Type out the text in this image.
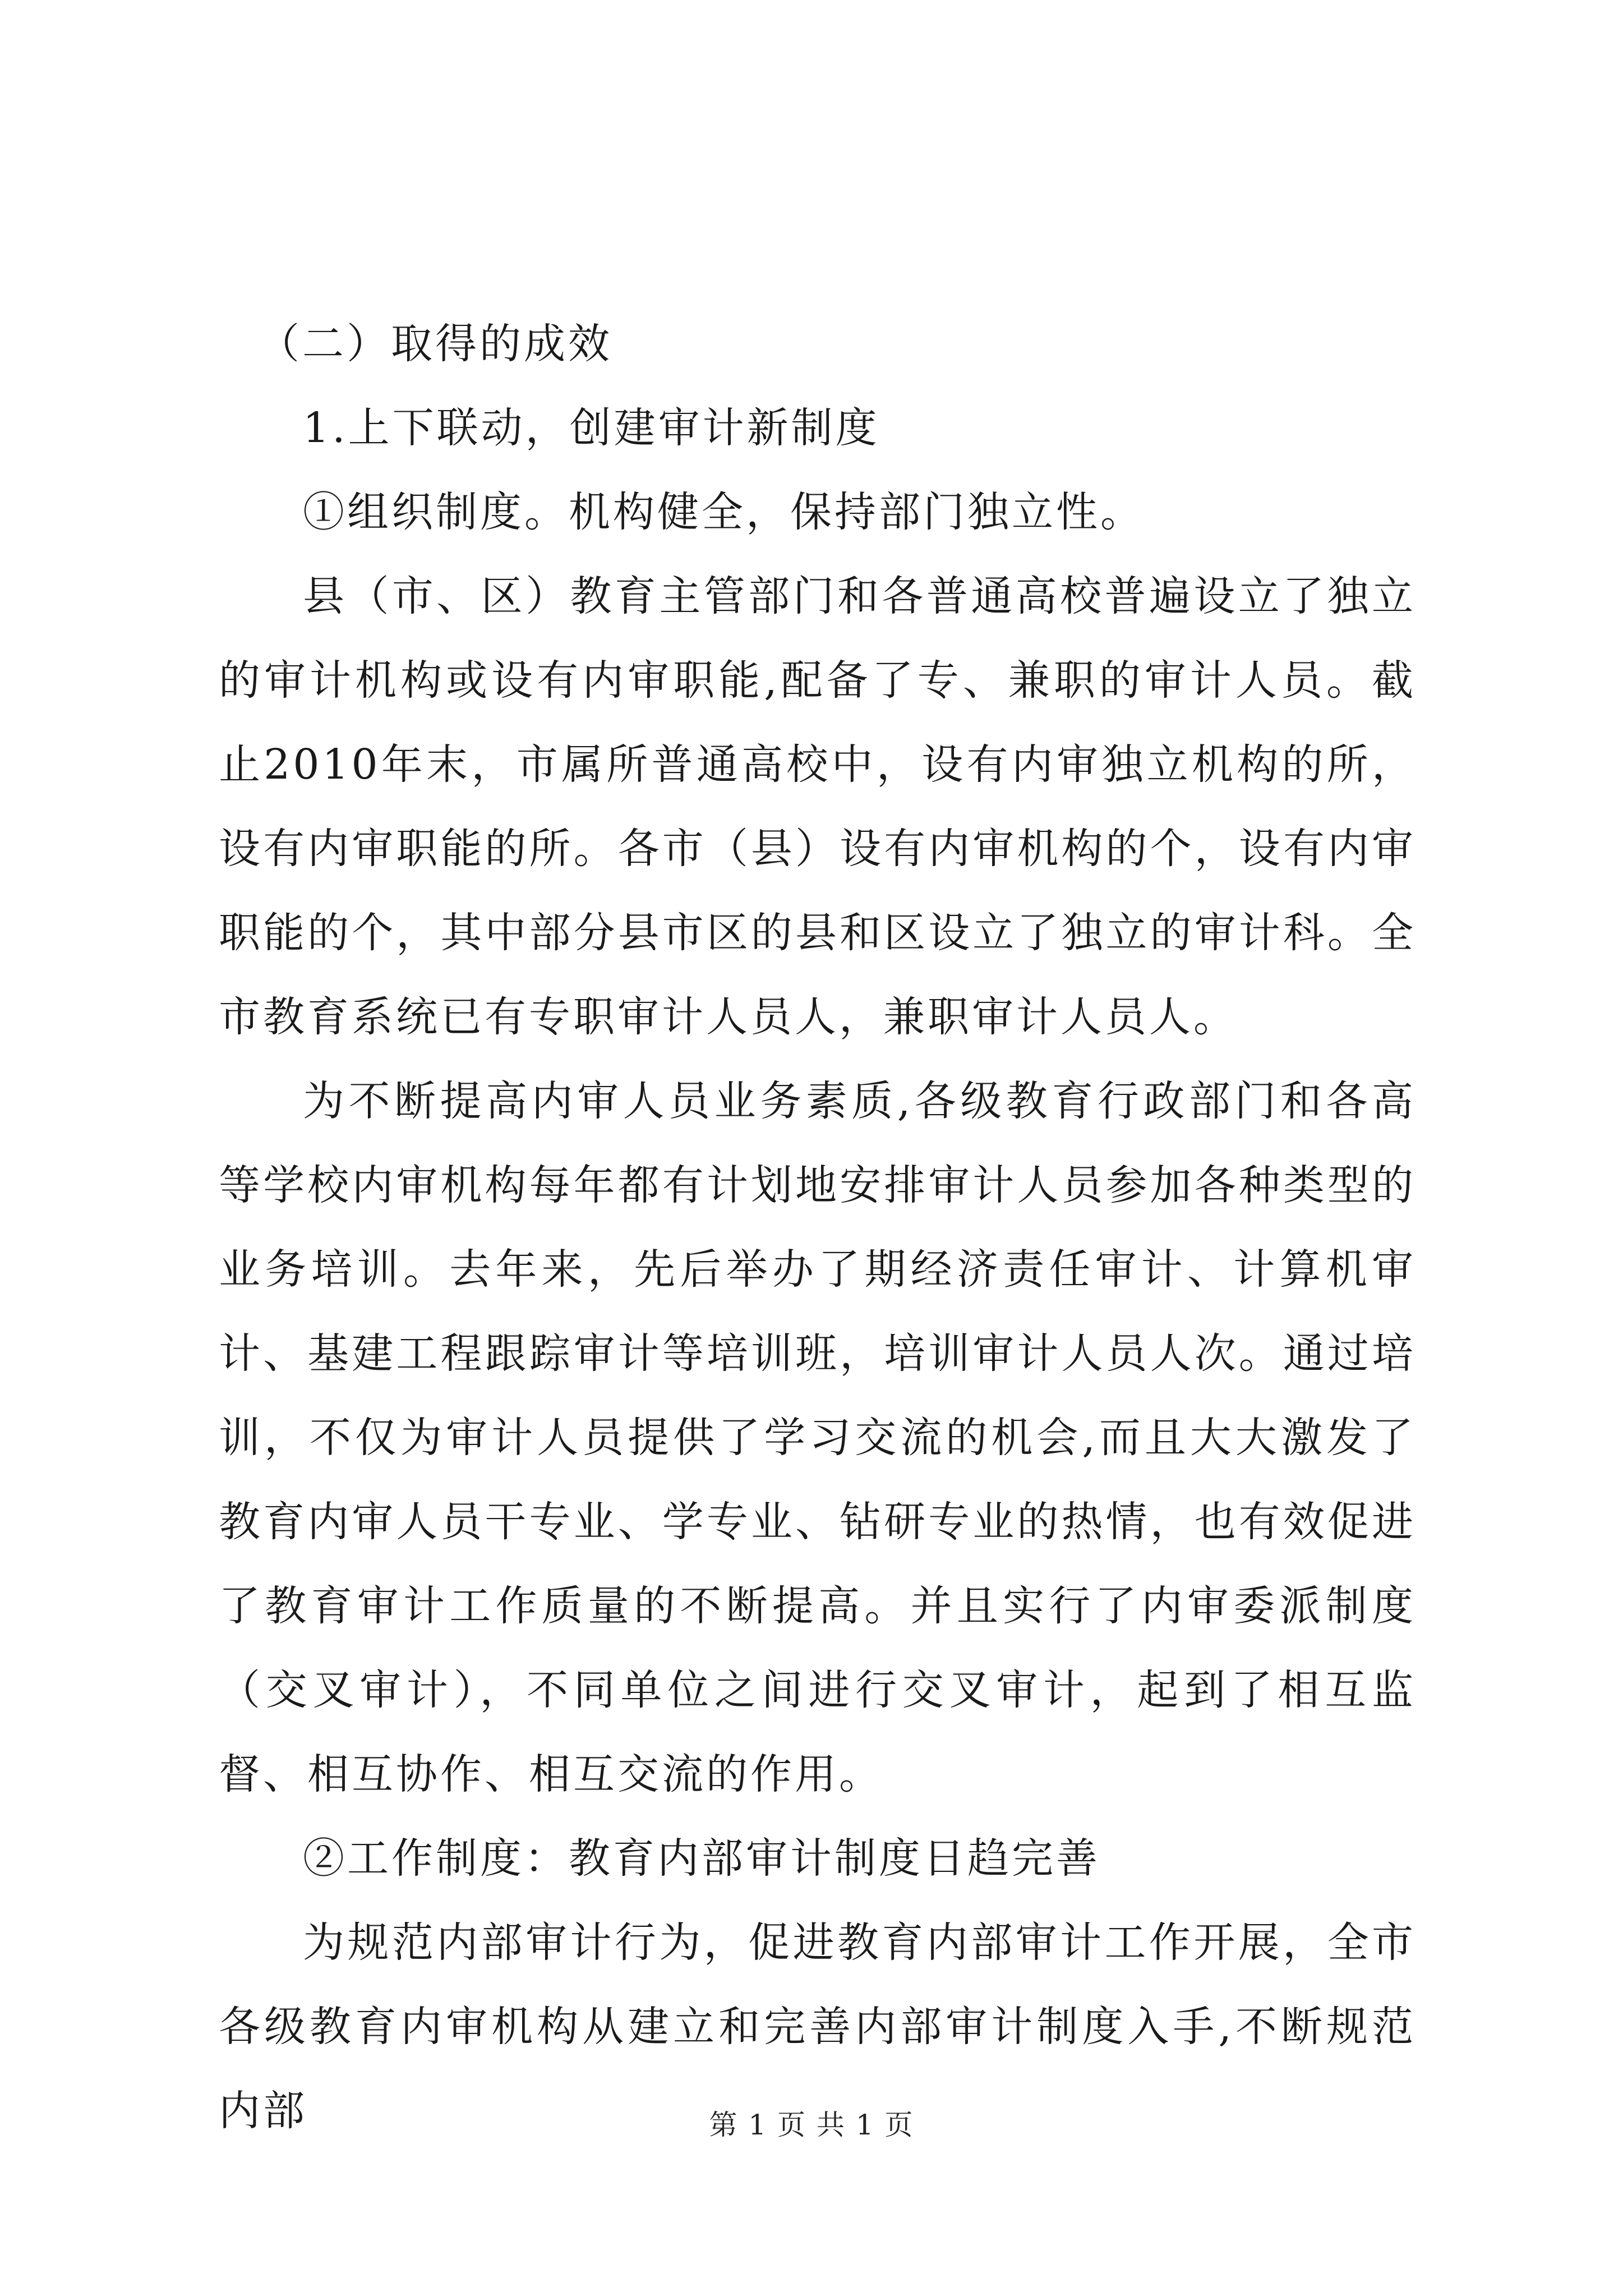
（二）取得的成效

1.上下联动，创建审计新制度

①组织制度。机构健全，保持部门独立性。

县（市、区）教育主管部门和各普通高校普遍设立了独立的审计机构或设有内审职能,配备了专、兼职的审计人员。截止2010年末，市属所普通高校中，设有内审独立机构的所，设有内审职能的所。各市（县）设有内审机构的个，设有内审职能的个，其中部分县市区的县和区设立了独立的审计科。全市教育系统已有专职审计人员人，兼职审计人员人。

为不断提高内审人员业务素质,各级教育行政部门和各高等学校内审机构每年都有计划地安排审计人员参加各种类型的业务培训。去年来，先后举办了期经济责任审计、计算机审计、基建工程跟踪审计等培训班，培训审计人员人次。通过培训，不仅为审计人员提供了学习交流的机会,而且大大激发了教育内审人员干专业、学专业、钻研专业的热情，也有效促进了教育审计工作质量的不断提高。并且实行了内审委派制度（交叉审计），不同单位之间进行交叉审计，起到了相互监督、相互协作、相互交流的作用。

②工作制度：教育内部审计制度日趋完善

为规范内部审计行为，促进教育内部审计工作开展，全市各级教育内审机构从建立和完善内部审计制度入手,不断规范内部	第 1 页 共 1 页
